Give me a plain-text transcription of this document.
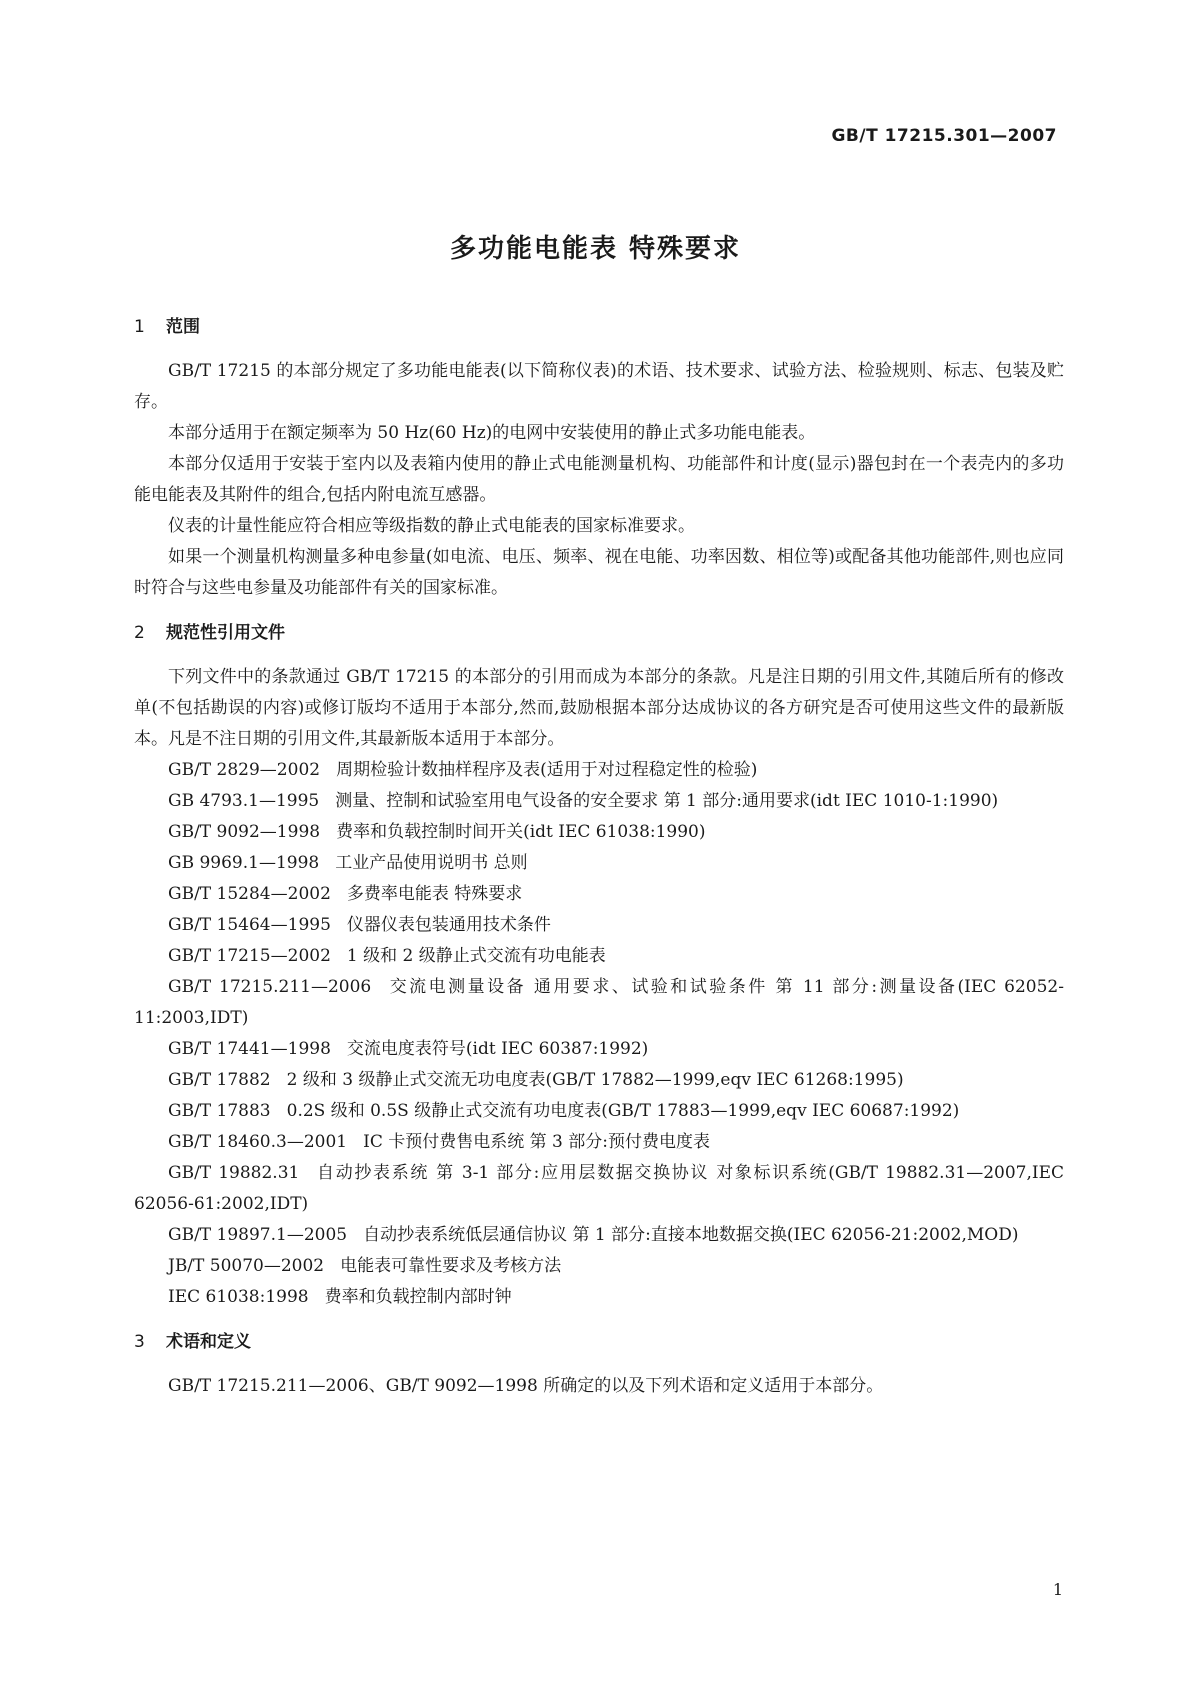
GB/T 17215.301—2007
多功能电能表 特殊要求
1 范围

GB/T 17215 的本部分规定了多功能电能表(以下简称仪表)的术语、技术要求、试验方法、检验规则、标志、包装及贮存。

本部分适用于在额定频率为 50 Hz(60 Hz)的电网中安装使用的静止式多功能电能表。

本部分仅适用于安装于室内以及表箱内使用的静止式电能测量机构、功能部件和计度(显示)器包封在一个表壳内的多功能电能表及其附件的组合,包括内附电流互感器。

仪表的计量性能应符合相应等级指数的静止式电能表的国家标准要求。

如果一个测量机构测量多种电参量(如电流、电压、频率、视在电能、功率因数、相位等)或配备其他功能部件,则也应同时符合与这些电参量及功能部件有关的国家标准。

2 规范性引用文件

下列文件中的条款通过 GB/T 17215 的本部分的引用而成为本部分的条款。凡是注日期的引用文件,其随后所有的修改单(不包括勘误的内容)或修订版均不适用于本部分,然而,鼓励根据本部分达成协议的各方研究是否可使用这些文件的最新版本。凡是不注日期的引用文件,其最新版本适用于本部分。

GB/T 2829—2002 周期检验计数抽样程序及表(适用于对过程稳定性的检验)

GB 4793.1—1995 测量、控制和试验室用电气设备的安全要求 第 1 部分:通用要求(idt IEC 1010-1:1990)

GB/T 9092—1998 费率和负载控制时间开关(idt IEC 61038:1990)

GB 9969.1—1998 工业产品使用说明书 总则

GB/T 15284—2002 多费率电能表 特殊要求

GB/T 15464—1995 仪器仪表包装通用技术条件

GB/T 17215—2002 1 级和 2 级静止式交流有功电能表

GB/T 17215.211—2006 交流电测量设备 通用要求、试验和试验条件 第 11 部分:测量设备(IEC 62052-11:2003,IDT)

GB/T 17441—1998 交流电度表符号(idt IEC 60387:1992)

GB/T 17882 2 级和 3 级静止式交流无功电度表(GB/T 17882—1999,eqv IEC 61268:1995)

GB/T 17883 0.2S 级和 0.5S 级静止式交流有功电度表(GB/T 17883—1999,eqv IEC 60687:1992)

GB/T 18460.3—2001 IC 卡预付费售电系统 第 3 部分:预付费电度表

GB/T 19882.31 自动抄表系统 第 3-1 部分:应用层数据交换协议 对象标识系统(GB/T 19882.31—2007,IEC 62056-61:2002,IDT)

GB/T 19897.1—2005 自动抄表系统低层通信协议 第 1 部分:直接本地数据交换(IEC 62056-21:2002,MOD)

JB/T 50070—2002 电能表可靠性要求及考核方法

IEC 61038:1998 费率和负载控制内部时钟

3 术语和定义

GB/T 17215.211—2006、GB/T 9092—1998 所确定的以及下列术语和定义适用于本部分。

1
